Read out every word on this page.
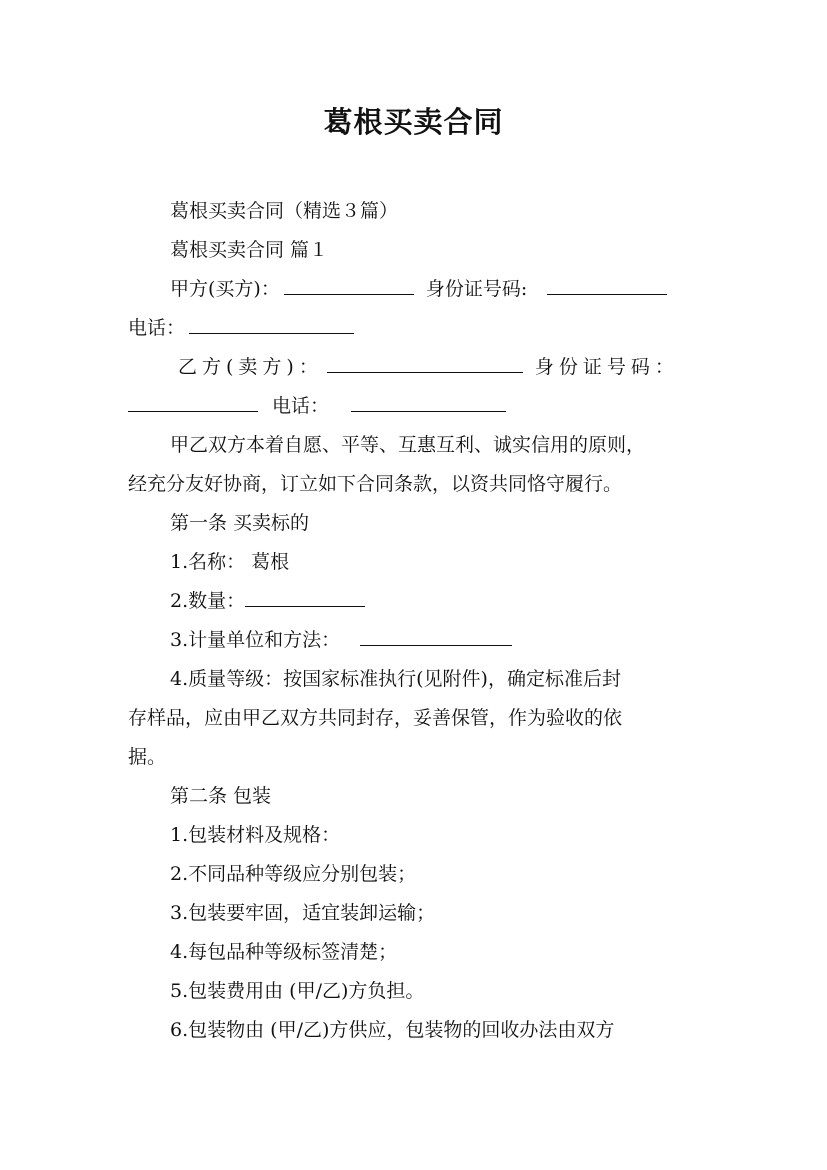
葛根买卖合同
葛根买卖合同（精选３篇）
葛根买卖合同 篇１
甲方(买方)：	身份证号码:
电话：
乙方(卖方)：	身份证号码：
电话：
甲乙双方本着自愿、平等、互惠互利、诚实信用的原则，
经充分友好协商，订立如下合同条款，以资共同恪守履行。
第一条 买卖标的
1.名称： 葛根
2.数量：
3.计量单位和方法：
4.质量等级：按国家标准执行(见附件)，确定标准后封
存样品，应由甲乙双方共同封存，妥善保管，作为验收的依
据。
第二条 包装
1.包装材料及规格：
2.不同品种等级应分别包装；
3.包装要牢固，适宜装卸运输；
4.每包品种等级标签清楚；
5.包装费用由 (甲/乙)方负担。
6.包装物由 (甲/乙)方供应，包装物的回收办法由双方
